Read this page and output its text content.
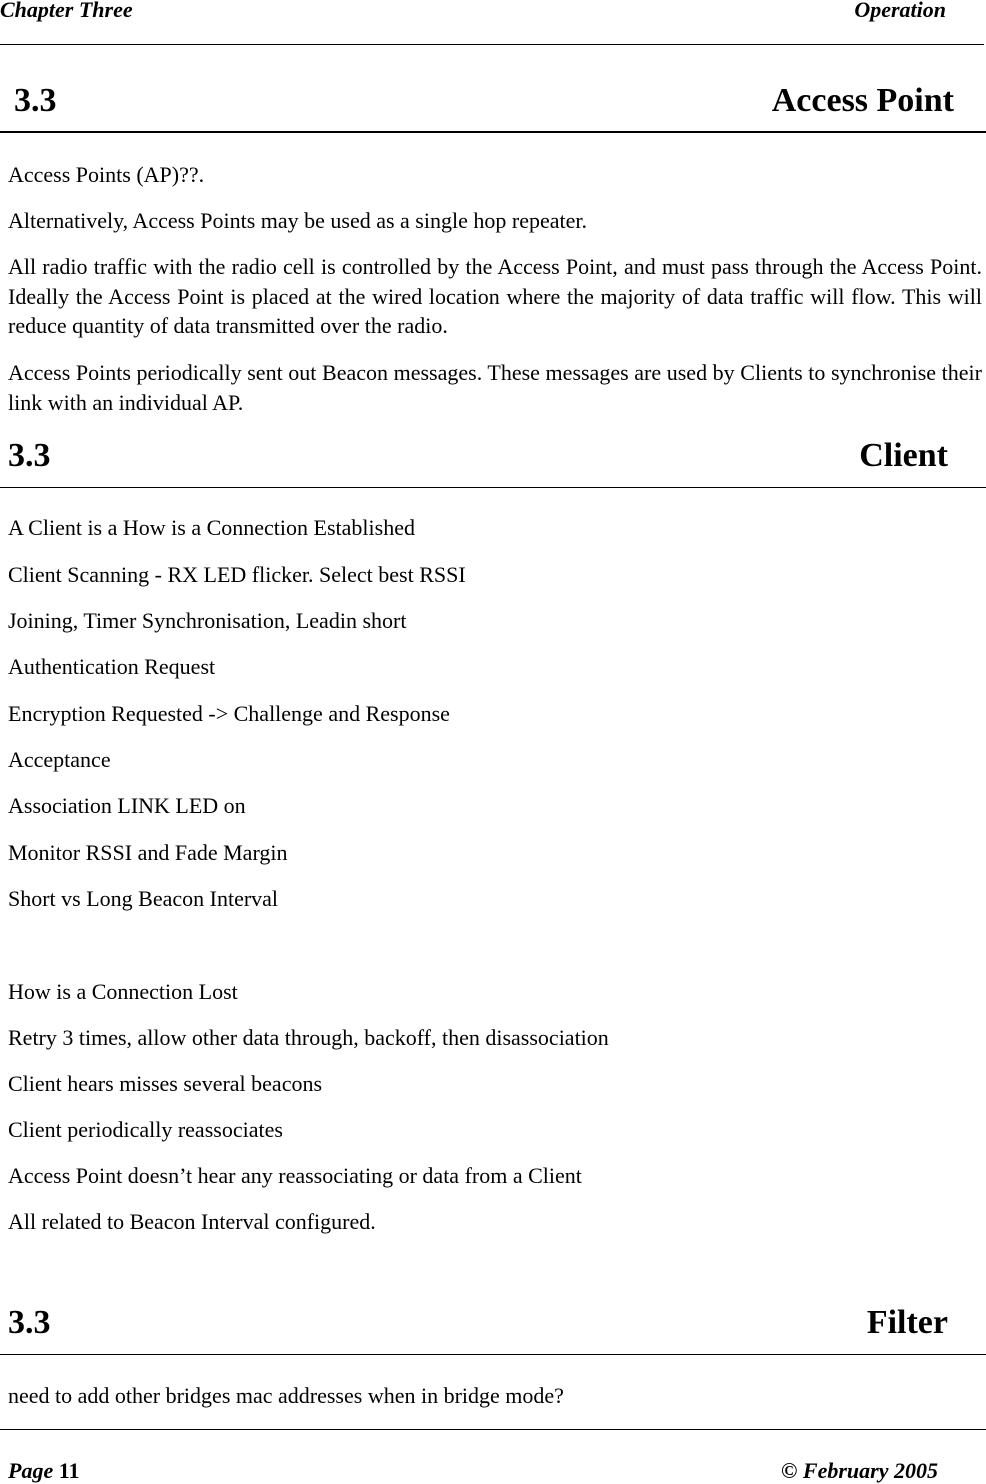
Chapter Three	Operation
3.3	Access Point
Access Points (AP)??.
Alternatively, Access Points may be used as a single hop repeater.
All radio traffic with the radio cell is controlled by the Access Point, and must pass through the Access Point. Ideally the Access Point is placed at the wired location where the majority of data traffic will flow. This will reduce quantity of data transmitted over the radio.
Access Points periodically sent out Beacon messages. These messages are used by Clients to synchronise their link with an individual AP.
3.3	Client
A Client is a How is a Connection Established
Client Scanning - RX LED flicker. Select best RSSI
Joining, Timer Synchronisation, Leadin short
Authentication Request
Encryption Requested -> Challenge and Response
Acceptance
Association LINK LED on
Monitor RSSI and Fade Margin
Short vs Long Beacon Interval
How is a Connection Lost
Retry 3 times, allow other data through, backoff, then disassociation
Client hears misses several beacons
Client periodically reassociates
Access Point doesn’t hear any reassociating or data from a Client
All related to Beacon Interval configured.
3.3	Filter
need to add other bridges mac addresses when in bridge mode?
Page 11	© February 2005
